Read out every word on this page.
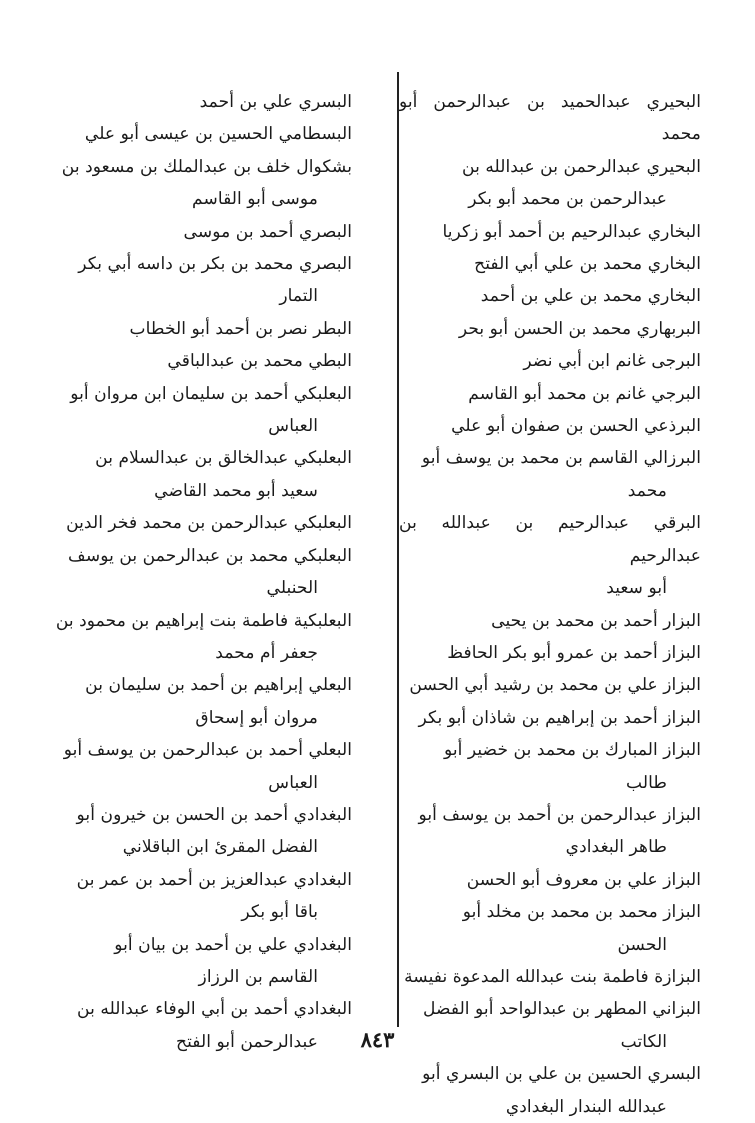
البحيري عبدالحميد بن عبدالرحمن أبو محمد

البحيري عبدالرحمن بن عبدالله بن
عبدالرحمن بن محمد أبو بكر

البخاري عبدالرحيم بن أحمد أبو زكريا

البخاري محمد بن علي أبي الفتح

البخاري محمد بن علي بن أحمد

البربهاري محمد بن الحسن أبو بحر

البرجى غانم ابن أبي نضر

البرجي غانم بن محمد أبو القاسم

البرذعي الحسن بن صفوان أبو علي

البرزالي القاسم بن محمد بن يوسف أبو
محمد

البرقي عبدالرحيم بن عبدالله بن عبدالرحيم
أبو سعيد

البزار أحمد بن محمد بن يحيى

البزاز أحمد بن عمرو أبو بكر الحافظ

البزاز علي بن محمد بن رشيد أبي الحسن

البزاز أحمد بن إبراهيم بن شاذان أبو بكر

البزاز المبارك بن محمد بن خضير أبو
طالب

البزاز عبدالرحمن بن أحمد بن يوسف أبو
طاهر البغدادي

البزاز علي بن معروف أبو الحسن

البزاز محمد بن محمد بن مخلد أبو
الحسن

البزازة فاطمة بنت عبدالله المدعوة نفيسة

البزاني المطهر بن عبدالواحد أبو الفضل
الكاتب

البسري الحسين بن علي بن البسري أبو
عبدالله البندار البغدادي

البسري علي بن أحمد

البسطامي الحسين بن عيسى أبو علي

بشكوال خلف بن عبدالملك بن مسعود بن
موسى أبو القاسم

البصري أحمد بن موسى

البصري محمد بن بكر بن داسه أبي بكر
التمار

البطر نصر بن أحمد أبو الخطاب

البطي محمد بن عبدالباقي

البعلبكي أحمد بن سليمان ابن مروان أبو
العباس

البعلبكي عبدالخالق بن عبدالسلام بن
سعيد أبو محمد القاضي

البعلبكي عبدالرحمن بن محمد فخر الدين

البعلبكي محمد بن عبدالرحمن بن يوسف
الحنبلي

البعلبكية فاطمة بنت إبراهيم بن محمود بن
جعفر أم محمد

البعلي إبراهيم بن أحمد بن سليمان بن
مروان أبو إسحاق

البعلي أحمد بن عبدالرحمن بن يوسف أبو
العباس

البغدادي أحمد بن الحسن بن خيرون أبو
الفضل المقرئ ابن الباقلاني

البغدادي عبدالعزيز بن أحمد بن عمر بن
باقا أبو بكر

البغدادي علي بن أحمد بن بيان أبو
القاسم بن الرزاز

البغدادي أحمد بن أبي الوفاء عبدالله بن
عبدالرحمن أبو الفتح	٨٤٣
